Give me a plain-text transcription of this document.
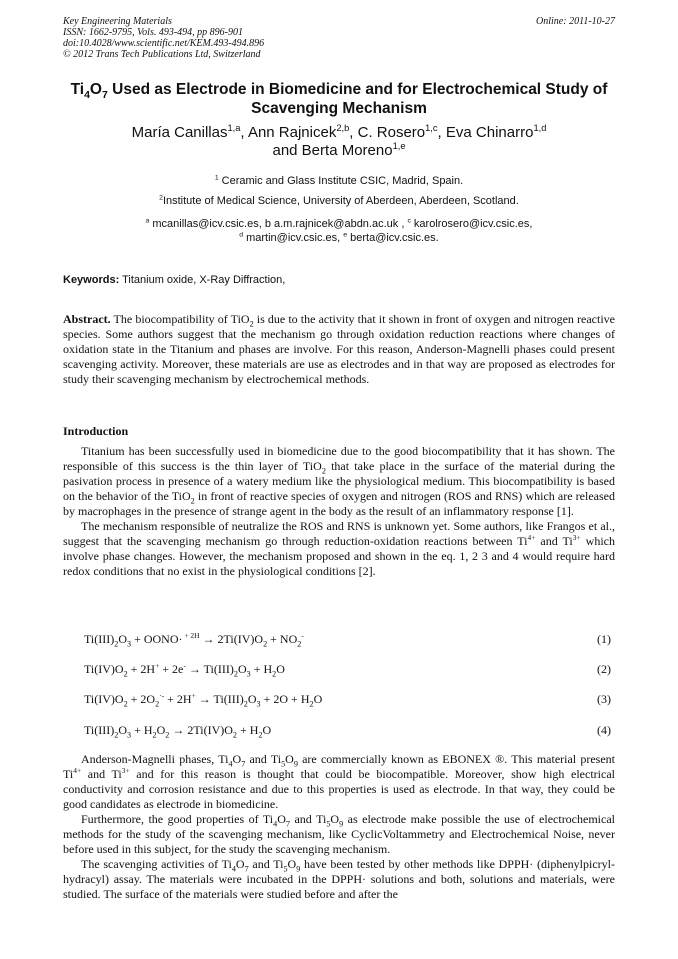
Key Engineering Materials
ISSN: 1662-9795, Vols. 493-494, pp 896-901
doi:10.4028/www.scientific.net/KEM.493-494.896
© 2012 Trans Tech Publications Ltd, Switzerland
Online: 2011-10-27
$Ti_4O_7$ Used as Electrode in Biomedicine and for Electrochemical Study of Scavenging Mechanism
María Canillas$^{1,a}$, Ann Rajnicek$^{2,b}$, C. Rosero$^{1,c}$, Eva Chinarro$^{1,d}$
and Berta Moreno$^{1,e}$
$^1$ Ceramic and Glass Institute CSIC, Madrid, Spain.
$^2$Institute of Medical Science, University of Aberdeen, Aberdeen, Scotland.
$^a$ mcanillas@icv.csic.es, b a.m.rajnicek@abdn.ac.uk , $^c$ karolrosero@icv.csic.es,
$^d$ martin@icv.csic.es, $^e$ berta@icv.csic.es.
Keywords: Titanium oxide, X-Ray Diffraction,

Abstract. The biocompatibility of TiO$_2$ is due to the activity that it shown in front of oxygen and nitrogen reactive species. Some authors suggest that the mechanism go through oxidation reduction reactions where changes of oxidation state in the Titanium and phases are involve. For this reason, Anderson-Magnelli phases could present scavenging activity. Moreover, these materials are use as electrodes and in that way are proposed as electrodes for study their scavenging mechanism by electrochemical methods.

Introduction

Titanium has been successfully used in biomedicine due to the good biocompatibility that it has shown. The responsible of this success is the thin layer of TiO$_2$ that take place in the surface of the material during the pasivation process in presence of a watery medium like the physiological medium. This biocompatibility is based on the behavior of the TiO$_2$ in front of reactive species of oxygen and nitrogen (ROS and RNS) which are released by macrophages in the presence of strange agent in the body as the result of an inflammatory response [1].

The mechanism responsible of neutralize the ROS and RNS is unknown yet. Some authors, like Frangos et al., suggest that the scavenging mechanism go through reduction-oxidation reactions between $Ti^{4+}$ and $Ti^{3+}$ which involve phase changes. However, the mechanism proposed and shown in the eq. 1, 2 3 and 4 would require hard redox conditions that no exist in the physiological conditions [2].

$Ti(III)_2O_3$ + OONO· $^{+ 2H} \to 2Ti(IV)O_2 + NO_2^-$	(1)
$Ti(IV)O_2 + 2H^+ + 2e^- \to Ti(III)_2O_3 + H_2O$	(2)
$Ti(IV)O_2 + 2O_2^{\cdot-} + 2H^+ \to Ti(III)_2O_3 + 2O + H_2O$	(3)
$Ti(III)_2O_3 + H_2O_2 \to 2Ti(IV)O_2 + H_2O$	(4)

Anderson-Magnelli phases, $Ti_4O_7$ and $Ti_5O_9$ are commercially known as EBONEX ®. This material present $Ti^{4+}$ and $Ti^{3+}$ and for this reason is thought that could be biocompatible. Moreover, show high electrical conductivity and corrosion resistance and due to this properties is used as electrode. In that way, they could be good candidates as electrode in biomedicine.

Furthermore, the good properties of $Ti_4O_7$ and $Ti_5O_9$ as electrode make possible the use of electrochemical methods for the study of the scavenging mechanism, like CyclicVoltammetry and Electrochemical Noise, never before used in this subject, for the study the scavenging mechanism.

The scavenging activities of $Ti_4O_7$ and $Ti_5O_9$ have been tested by other methods like DPPH· (diphenylpicryl-hydracyl) assay. The materials were incubated in the DPPH· solutions and both, solutions and materials, were studied. The surface of the materials were studied before and after the
